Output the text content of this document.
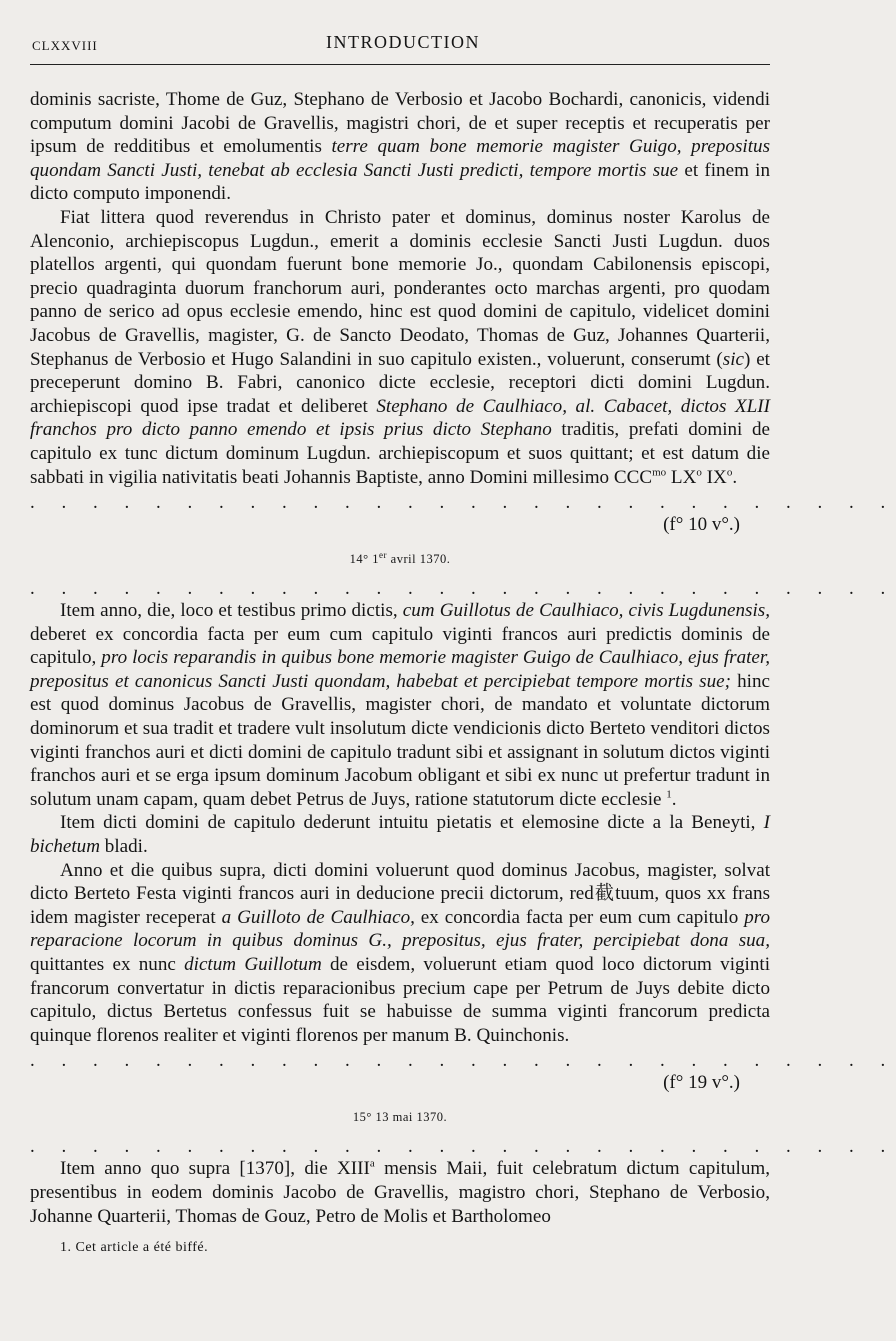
CLXXVIII	INTRODUCTION

dominis sacriste, Thome de Guz, Stephano de Verbosio et Jacobo Bochardi, canonicis, videndi computum domini Jacobi de Gravellis, magistri chori, de et super receptis et recuperatis per ipsum de redditibus et emolumentis terre quam bone memorie magister Guigo, prepositus quondam Sancti Justi, tenebat ab ecclesia Sancti Justi predicti, tempore mortis sue et finem in dicto computo imponendi.

Fiat littera quod reverendus in Christo pater et dominus, dominus noster Karolus de Alenconio, archiepiscopus Lugdun., emerit a dominis ecclesie Sancti Justi Lugdun. duos platellos argenti, qui quondam fuerunt bone memorie Jo., quondam Cabilonensis episcopi, precio quadraginta duorum franchorum auri, ponderantes octo marchas argenti, pro quodam panno de serico ad opus ecclesie emendo, hinc est quod domini de capitulo, videlicet domini Jacobus de Gravellis, magister, G. de Sancto Deodato, Thomas de Guz, Johannes Quarterii, Stephanus de Verbosio et Hugo Salandini in suo capitulo existen., voluerunt, conserumt (sic) et preceperunt domino B. Fabri, canonico dicte ecclesie, receptori dicti domini Lugdun. archiepiscopi quod ipse tradat et deliberet Stephano de Caulhiaco, al. Cabacet, dictos XLII franchos pro dicto panno emendo et ipsis prius dicto Stephano traditis, prefati domini de capitulo ex tunc dictum dominum Lugdun. archiepiscopum et suos quittant; et est datum die sabbati in vigilia nativitatis beati Johannis Baptiste, anno Domini millesimo $CCC^{mo}$ $LX^o$ $IX^o$.

. . . . . . . . . . . . . . . . . . . . . . . . . . . .
(f° 10 v°.)
14° 1er avril 1370.
. . . . . . . . . . . . . . . . . . . . . . . . . . . .

Item anno, die, loco et testibus primo dictis, cum Guillotus de Caulhiaco, civis Lugdunensis, deberet ex concordia facta per eum cum capitulo viginti francos auri predictis dominis de capitulo, pro locis reparandis in quibus bone memorie magister Guigo de Caulhiaco, ejus frater, prepositus et canonicus Sancti Justi quondam, habebat et percipiebat tempore mortis sue; hinc est quod dominus Jacobus de Gravellis, magister chori, de mandato et voluntate dictorum dominorum et sua tradit et tradere vult insolutum dicte vendicionis dicto Berteto venditori dictos viginti franchos auri et dicti domini de capitulo tradunt sibi et assignant in solutum dictos viginti franchos auri et se erga ipsum dominum Jacobum obligant et sibi ex nunc ut prefertur tradunt in solutum unam capam, quam debet Petrus de Juys, ratione statutorum dicte ecclesie $^1$.

Item dicti domini de capitulo dederunt intuitu pietatis et elemosine dicte a la Beneyti, I bichetum bladi.

Anno et die quibus supra, dicti domini voluerunt quod dominus Jacobus, magister, solvat dicto Berteto Festa viginti francos auri in deducione precii dictorum, red截tuum, quos xx frans idem magister receperat a Guilloto de Caulhiaco, ex concordia facta per eum cum capitulo pro reparacione locorum in quibus dominus G., prepositus, ejus frater, percipiebat dona sua, quittantes ex nunc dictum Guillotum de eisdem, voluerunt etiam quod loco dictorum viginti francorum convertatur in dictis reparacionibus precium cape per Petrum de Juys debite dicto capitulo, dictus Bertetus confessus fuit se habuisse de summa viginti francorum predicta quinque florenos realiter et viginti florenos per manum B. Quinchonis.

. . . . . . . . . . . . . . . . . . . . . . . . . . . .
(f° 19 v°.)
15° 13 mai 1370.
. . . . . . . . . . . . . . . . . . . . . . . . . . . .

Item anno quo supra [1370], die XIII$^a$ mensis Maii, fuit celebratum dictum capitulum, presentibus in eodem dominis Jacobo de Gravellis, magistro chori, Stephano de Verbosio, Johanne Quarterii, Thomas de Gouz, Petro de Molis et Bartholomeo

1. Cet article a été biffé.
